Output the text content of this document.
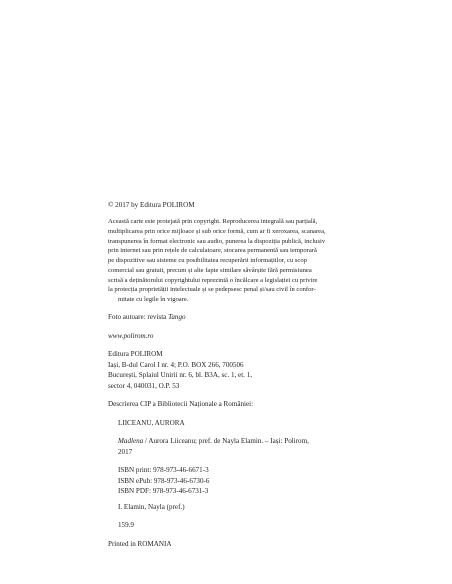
© 2017 by Editura POLIROM

Această carte este protejată prin copyright. Reproducerea integrală sau parțială,

multiplicarea prin orice mijloace și sub orice formă, cum ar fi xeroxarea, scanarea,

transpunerea în format electronic sau audio, punerea la dispoziția publică, inclusiv

prin internet sau prin rețele de calculatoare, stocarea permanentă sau temporară

pe dispozitive sau sisteme cu posibilitatea recuperării informațiilor, cu scop

comercial sau gratuit, precum și alte fapte similare săvârșite fără permisiunea

scrisă a deținătorului copyrightului reprezintă o încălcare a legislației cu privire

la protecția proprietății intelectuale și se pedepsesc penal și/sau civil în confor-

mitate cu legile în vigoare.

Foto autoare: revista Tango
www.polirom.ro
Editura POLIROM
Iași, B-dul Carol I nr. 4; P.O. BOX 266, 700506
București, Splaiul Unirii nr. 6, bl. B3A, sc. 1, et. 1,
sector 4, 040031, O.P. 53
Descrierea CIP a Bibliotecii Naționale a României:
LIICEANU, AURORA
Madlena / Aurora Liiceanu; pref. de Nayla Elamin. – Iași: Polirom,
2017
ISBN print: 978-973-46-6671-3
ISBN ePub: 978-973-46-6730-6
ISBN PDF: 978-973-46-6731-3
I. Elamin, Nayla (pref.)
159.9
Printed in ROMANIA
